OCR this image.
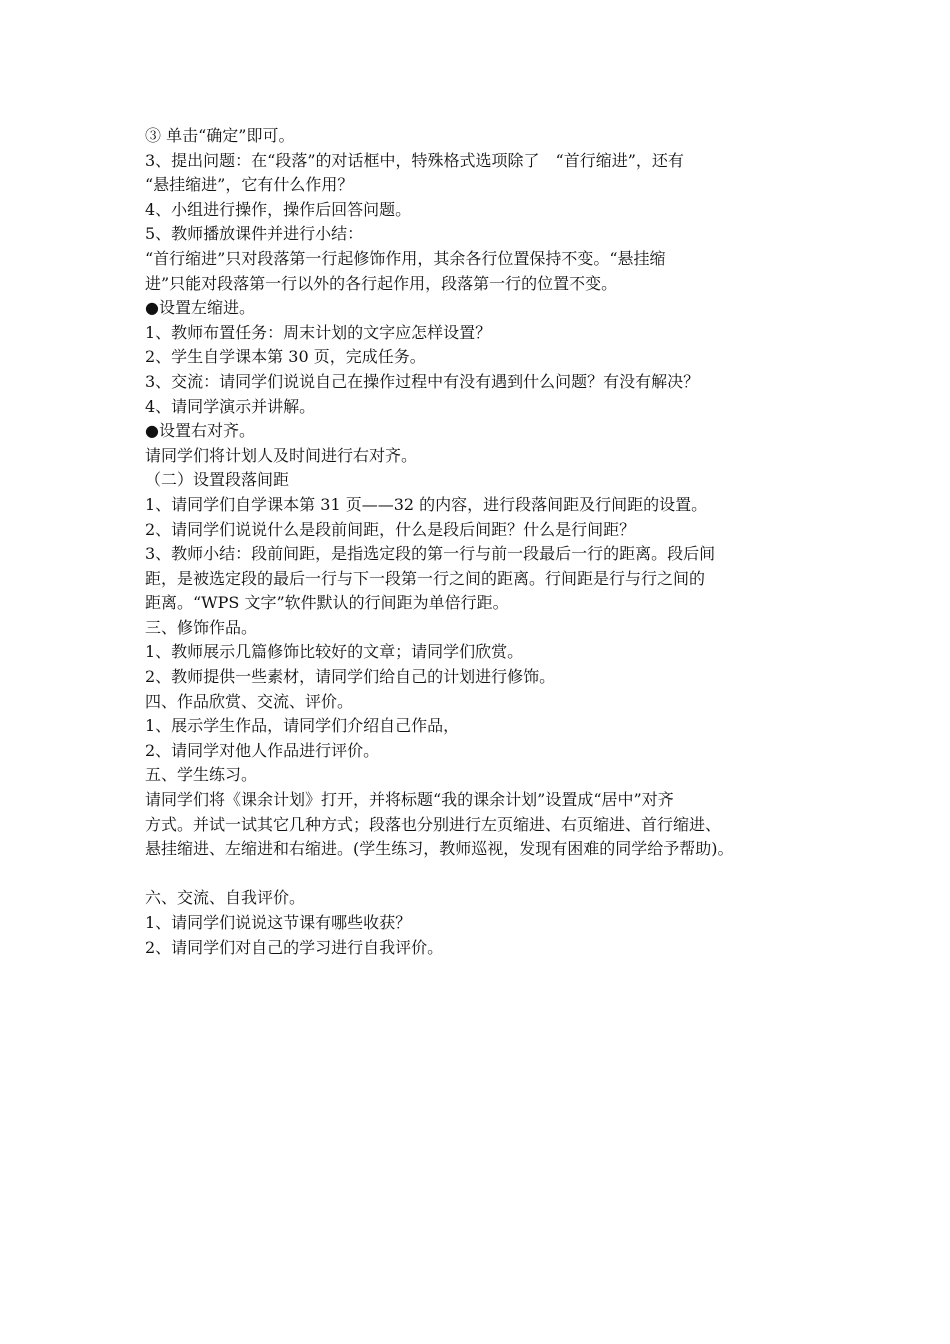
③ 单击“确定”即可。
3、提出问题：在“段落”的对话框中，特殊格式选项除了　“首行缩进”，还有
“悬挂缩进”，它有什么作用？
4、小组进行操作，操作后回答问题。
5、教师播放课件并进行小结：
“首行缩进”只对段落第一行起修饰作用，其余各行位置保持不变。“悬挂缩
进”只能对段落第一行以外的各行起作用，段落第一行的位置不变。
●设置左缩进。
1、教师布置任务：周末计划的文字应怎样设置？
2、学生自学课本第 30 页，完成任务。
3、交流：请同学们说说自己在操作过程中有没有遇到什么问题？有没有解决？
4、请同学演示并讲解。
●设置右对齐。
请同学们将计划人及时间进行右对齐。
（二）设置段落间距
1、请同学们自学课本第 31 页——32 的内容，进行段落间距及行间距的设置。
2、请同学们说说什么是段前间距，什么是段后间距？什么是行间距？
3、教师小结：段前间距，是指选定段的第一行与前一段最后一行的距离。段后间
距，是被选定段的最后一行与下一段第一行之间的距离。行间距是行与行之间的
距离。“WPS 文字”软件默认的行间距为单倍行距。
三、修饰作品。
1、教师展示几篇修饰比较好的文章；请同学们欣赏。
2、教师提供一些素材，请同学们给自己的计划进行修饰。
四、作品欣赏、交流、评价。
1、展示学生作品，请同学们介绍自己作品，
2、请同学对他人作品进行评价。
五、学生练习。
请同学们将《课余计划》打开，并将标题“我的课余计划”设置成“居中”对齐
方式。并试一试其它几种方式；段落也分别进行左页缩进、右页缩进、首行缩进、
悬挂缩进、左缩进和右缩进。(学生练习，教师巡视，发现有困难的同学给予帮助)。
六、交流、自我评价。
1、请同学们说说这节课有哪些收获？
2、请同学们对自己的学习进行自我评价。
